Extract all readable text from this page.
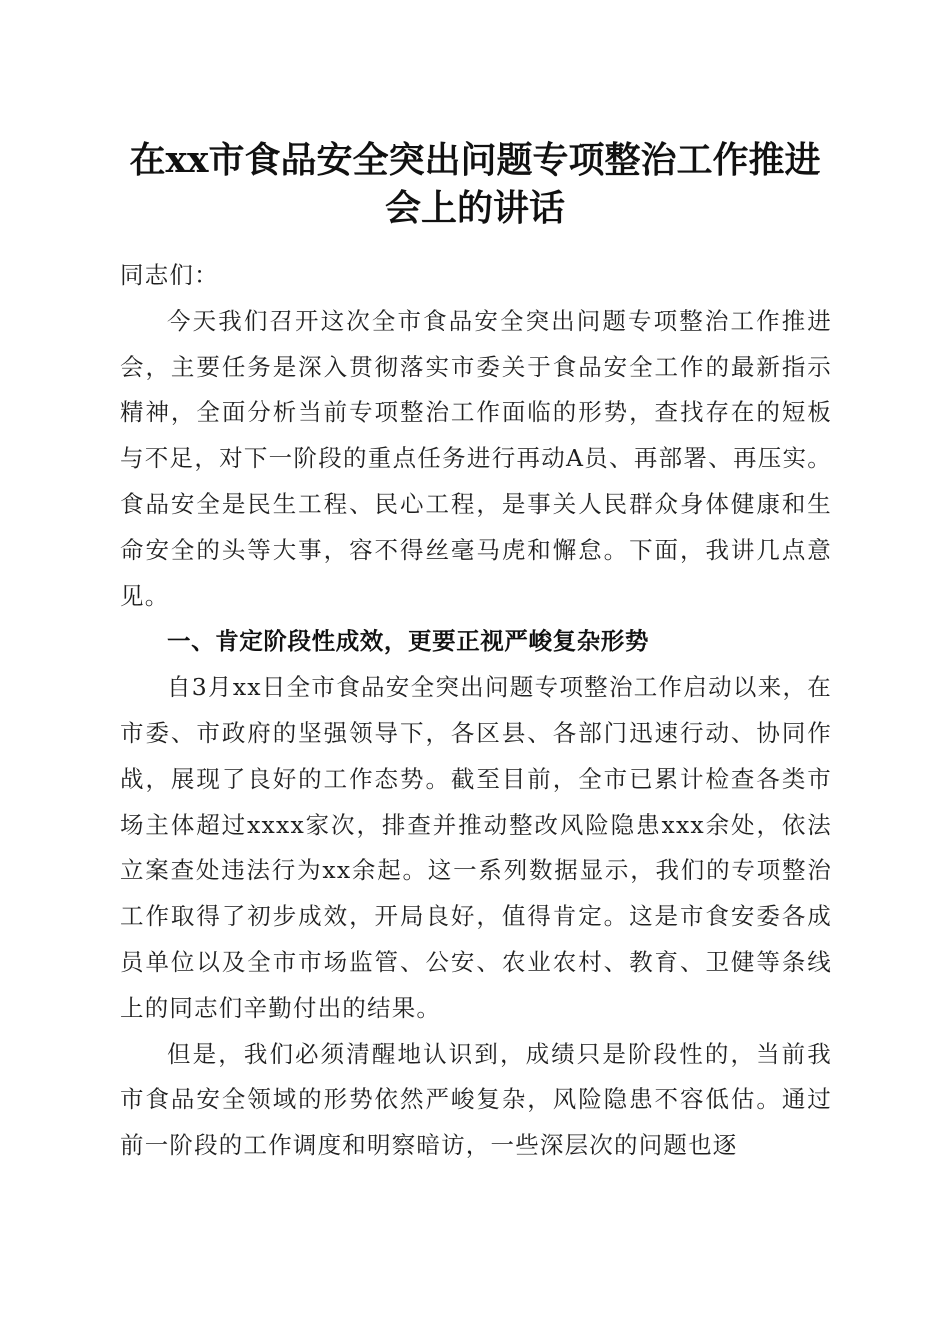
在xx市食品安全突出问题专项整治工作推进
会上的讲话

同志们：

今天我们召开这次全市食品安全突出问题专项整治工作推进会，主要任务是深入贯彻落实市委关于食品安全工作的最新指示精神，全面分析当前专项整治工作面临的形势，查找存在的短板与不足，对下一阶段的重点任务进行再动A员、再部署、再压实。食品安全是民生工程、民心工程，是事关人民群众身体健康和生命安全的头等大事，容不得丝毫马虎和懈怠。下面，我讲几点意见。

一、肯定阶段性成效，更要正视严峻复杂形势

自3月xx日全市食品安全突出问题专项整治工作启动以来，在市委、市政府的坚强领导下，各区县、各部门迅速行动、协同作战，展现了良好的工作态势。截至目前，全市已累计检查各类市场主体超过xxxx家次，排查并推动整改风险隐患xxx余处，依法立案查处违法行为xx余起。这一系列数据显示，我们的专项整治工作取得了初步成效，开局良好，值得肯定。这是市食安委各成员单位以及全市市场监管、公安、农业农村、教育、卫健等条线上的同志们辛勤付出的结果。

但是，我们必须清醒地认识到，成绩只是阶段性的，当前我市食品安全领域的形势依然严峻复杂，风险隐患不容低估。通过前一阶段的工作调度和明察暗访，一些深层次的问题也逐
